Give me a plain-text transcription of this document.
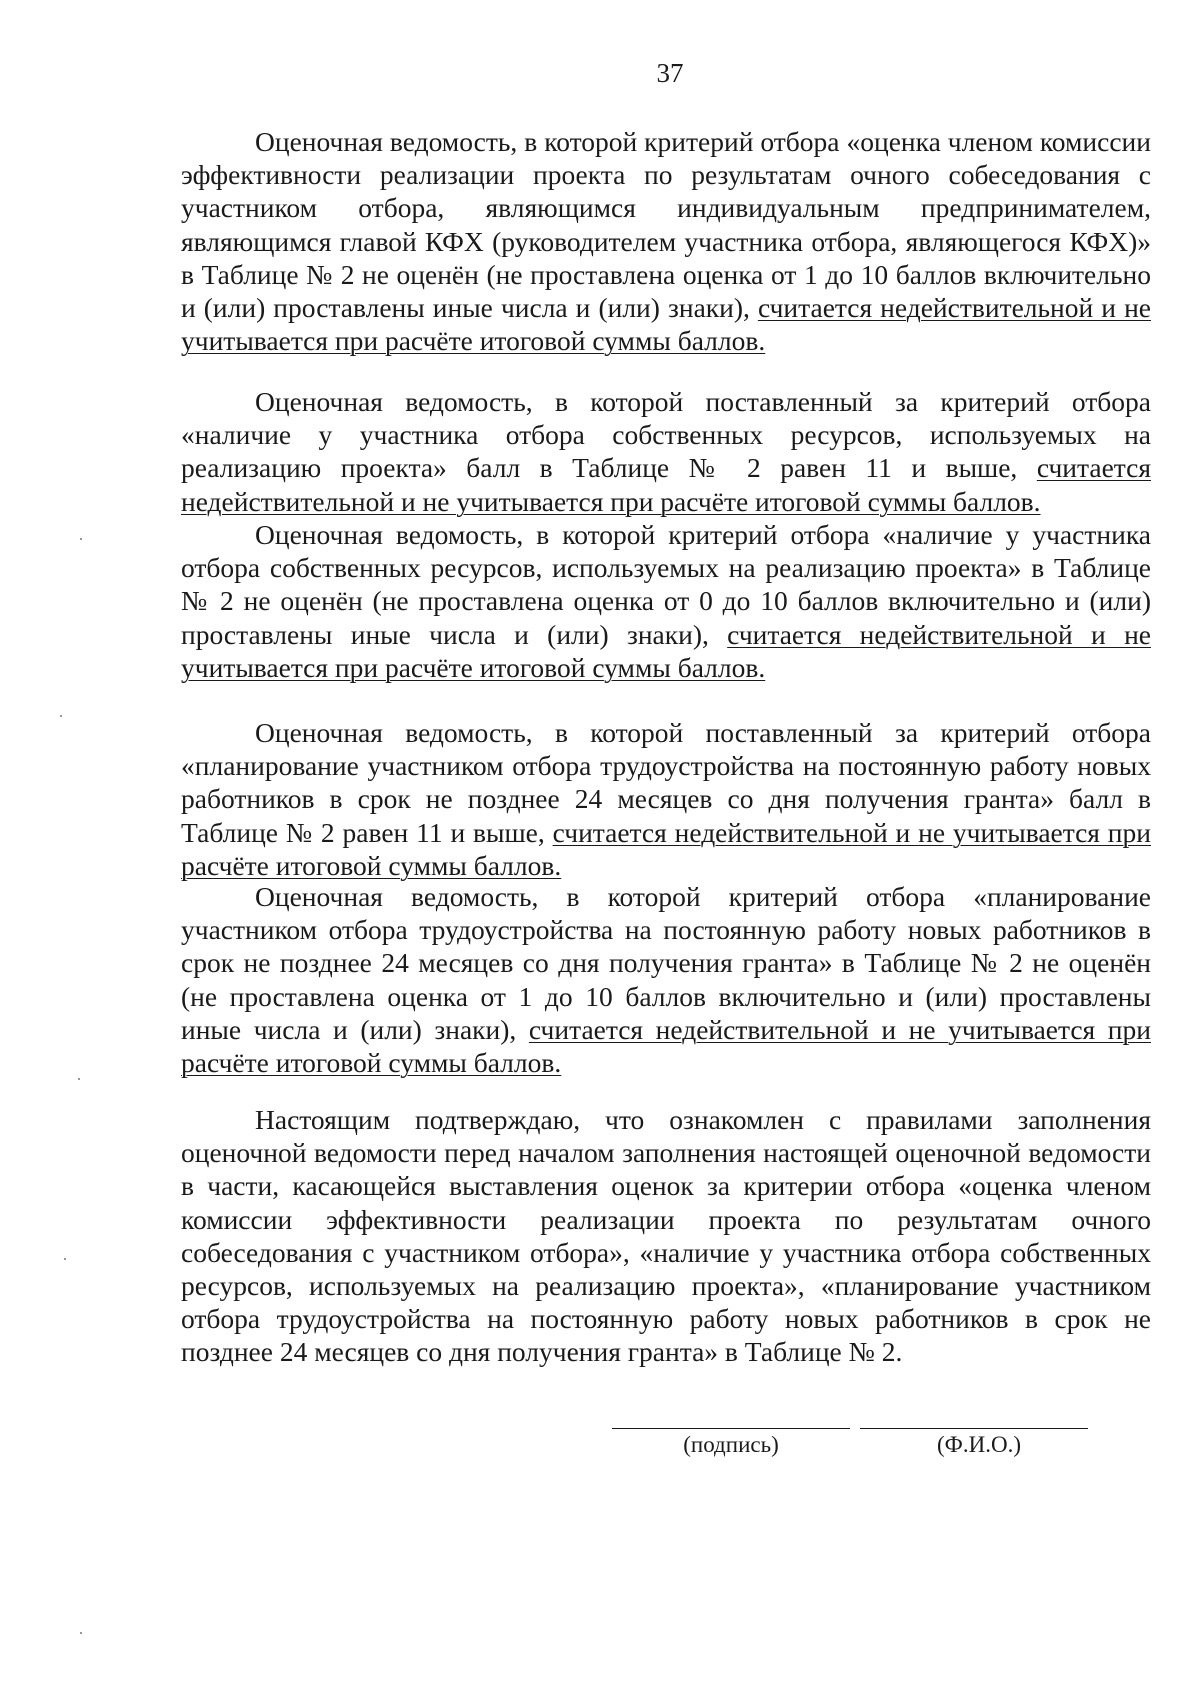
37

Оценочная ведомость, в которой критерий отбора «оценка членом комиссии эффективности реализации проекта по результатам очного собеседования с участником отбора, являющимся индивидуальным предпринимателем, являющимся главой КФХ (руководителем участника отбора, являющегося КФХ)» в Таблице № 2 не оценён (не проставлена оценка от 1 до 10 баллов включительно и (или) проставлены иные числа и (или) знаки), считается недействительной и не учитывается при расчёте итоговой суммы баллов.

Оценочная ведомость, в которой поставленный за критерий отбора «наличие у участника отбора собственных ресурсов, используемых на реализацию проекта» балл в Таблице № 2 равен 11 и выше, считается недействительной и не учитывается при расчёте итоговой суммы баллов.

Оценочная ведомость, в которой критерий отбора «наличие у участника отбора собственных ресурсов, используемых на реализацию проекта» в Таблице № 2 не оценён (не проставлена оценка от 0 до 10 баллов включительно и (или) проставлены иные числа и (или) знаки), считается недействительной и не учитывается при расчёте итоговой суммы баллов.

Оценочная ведомость, в которой поставленный за критерий отбора «планирование участником отбора трудоустройства на постоянную работу новых работников в срок не позднее 24 месяцев со дня получения гранта» балл в Таблице № 2 равен 11 и выше, считается недействительной и не учитывается при расчёте итоговой суммы баллов.

Оценочная ведомость, в которой критерий отбора «планирование участником отбора трудоустройства на постоянную работу новых работников в срок не позднее 24 месяцев со дня получения гранта» в Таблице № 2 не оценён (не проставлена оценка от 1 до 10 баллов включительно и (или) проставлены иные числа и (или) знаки), считается недействительной и не учитывается при расчёте итоговой суммы баллов.

Настоящим подтверждаю, что ознакомлен с правилами заполнения оценочной ведомости перед началом заполнения настоящей оценочной ведомости в части, касающейся выставления оценок за критерии отбора «оценка членом комиссии эффективности реализации проекта по результатам очного собеседования с участником отбора», «наличие у участника отбора собственных ресурсов, используемых на реализацию проекта», «планирование участником отбора трудоустройства на постоянную работу новых работников в срок не позднее 24 месяцев со дня получения гранта» в Таблице № 2.

(подпись)	(Ф.И.О.)
